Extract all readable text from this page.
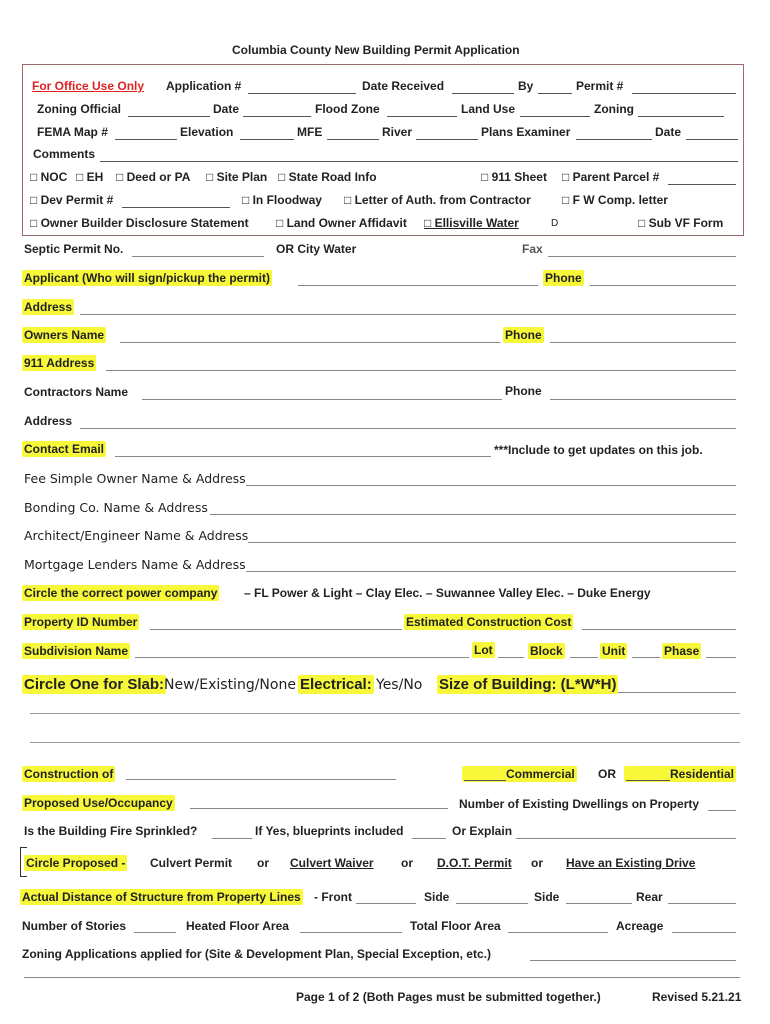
Columbia County New Building Permit Application
For Office Use Only Application #	Date Received	By	Permit #
Zoning Official	Date	Flood Zone	Land Use	Zoning
FEMA Map #	Elevation	MFE	River	Plans Examiner	Date
Comments
□ NOC □ EH □ Deed or PA □ Site Plan □ State Road Info	□ 911 Sheet □ Parent Parcel #
□ Dev Permit #	□ In Floodway □ Letter of Auth. from Contractor	□ F W Comp. letter
□ Owner Builder Disclosure Statement □ Land Owner Affidavit □ Ellisville Water	D	□ Sub VF Form
Septic Permit No.	OR City Water	Fax
Applicant (Who will sign/pickup the permit)	Phone
Address
Owners Name	Phone
911 Address
Contractors Name	Phone
Address
Contact Email	***Include to get updates on this job.
Fee Simple Owner Name & Address
Bonding Co. Name & Address
Architect/Engineer Name & Address
Mortgage Lenders Name & Address
Circle the correct power company – FL Power & Light – Clay Elec. – Suwannee Valley Elec. – Duke Energy
Property ID Number	Estimated Construction Cost
Subdivision Name	Lot	Block	Unit	Phase
Circle One for Slab: New/Existing/None Electrical: Yes/No Size of Building: (L*W*H)
Construction of	Commercial OR	Residential
Proposed Use/Occupancy	Number of Existing Dwellings on Property
Is the Building Fire Sprinkled?	If Yes, blueprints included	Or Explain
Circle Proposed - Culvert Permit or Culvert Waiver or D.O.T. Permit or Have an Existing Drive
Actual Distance of Structure from Property Lines - Front	Side	Side	Rear
Number of Stories	Heated Floor Area	Total Floor Area	Acreage
Zoning Applications applied for (Site & Development Plan, Special Exception, etc.)
Page 1 of 2 (Both Pages must be submitted together.)	Revised 5.21.21
